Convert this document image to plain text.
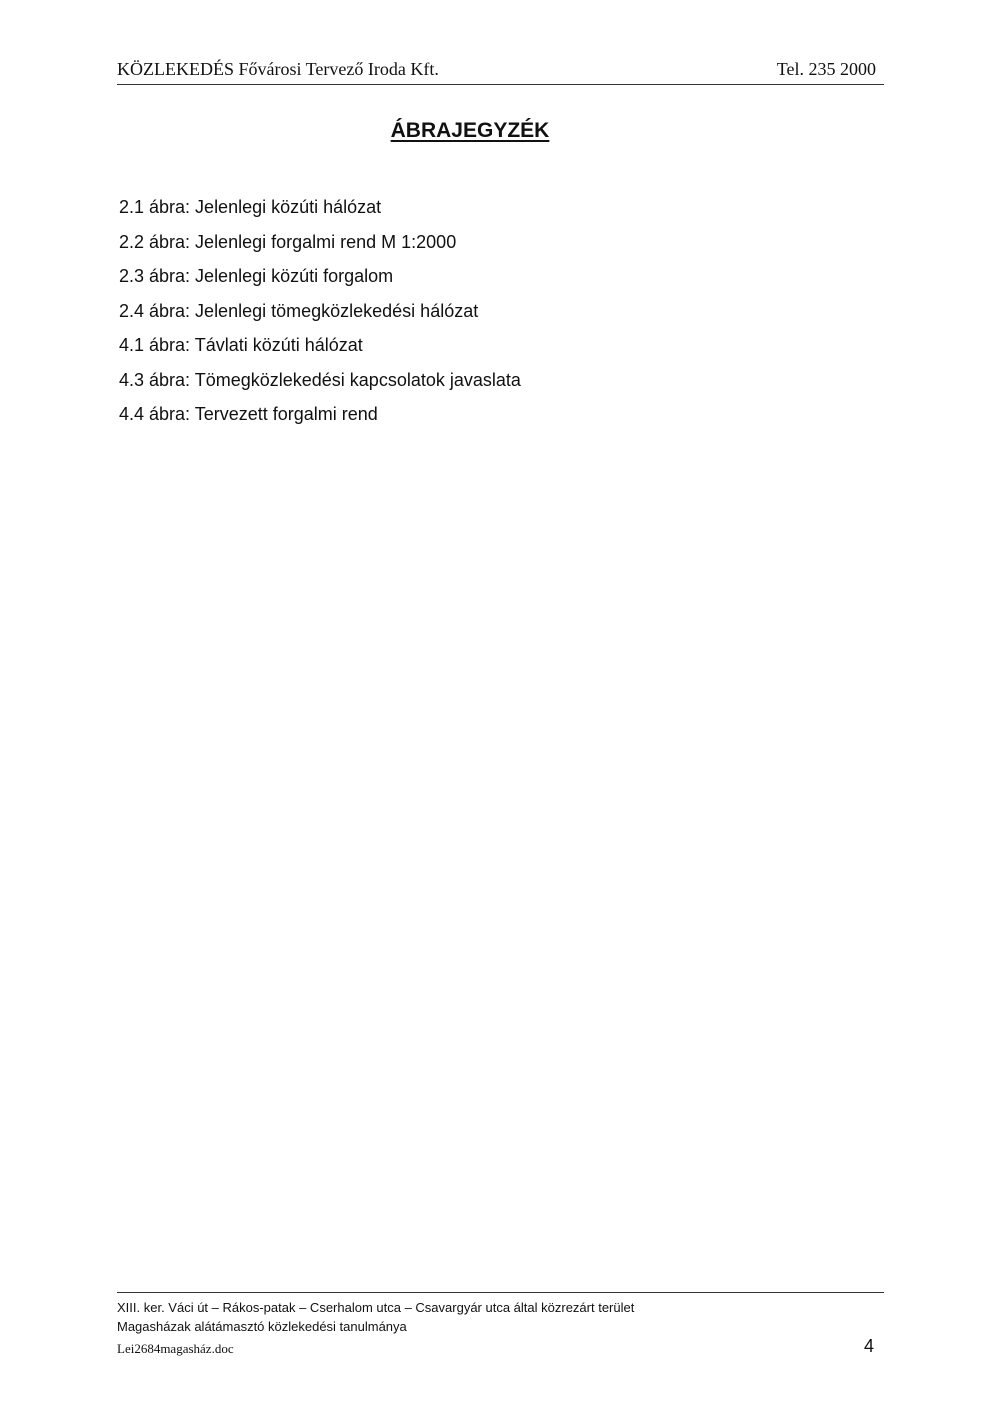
KÖZLEKEDÉS Fővárosi Tervező Iroda Kft.	Tel. 235 2000
ÁBRAJEGYZÉK
2.1 ábra: Jelenlegi közúti hálózat
2.2 ábra: Jelenlegi forgalmi rend M 1:2000
2.3 ábra: Jelenlegi közúti forgalom
2.4 ábra: Jelenlegi tömegközlekedési hálózat
4.1 ábra: Távlati közúti hálózat
4.3 ábra: Tömegközlekedési kapcsolatok javaslata
4.4 ábra: Tervezett forgalmi rend
XIII. ker. Váci út – Rákos-patak – Cserhalom utca – Csavargyár utca által közrezárt terület
Magasházak alátámasztó közlekedési tanulmánya
Lei2684magasház.doc	4
